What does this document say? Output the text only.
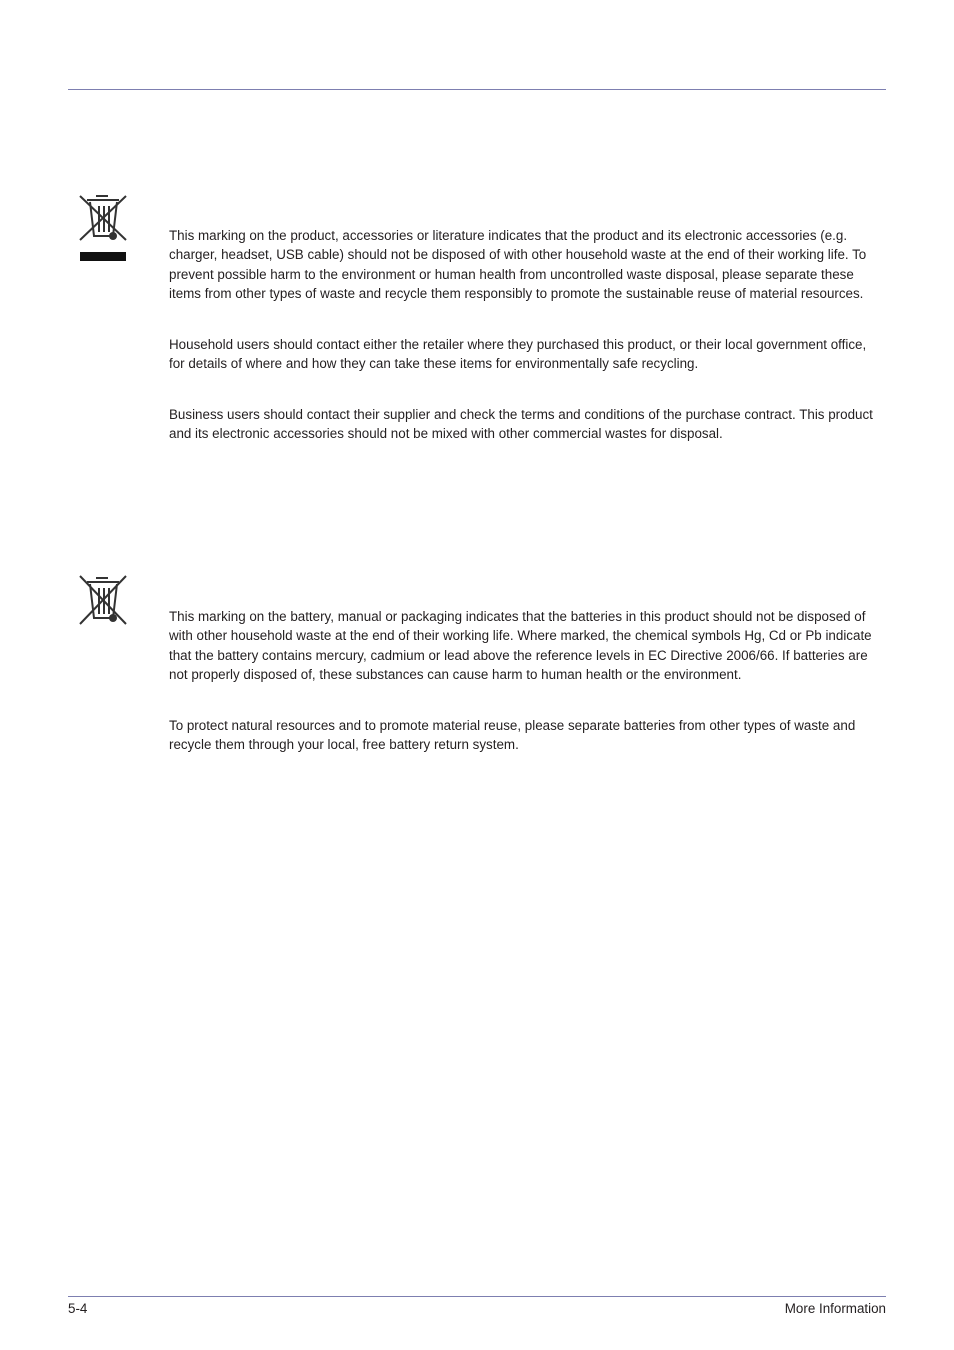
This marking on the product, accessories or literature indicates that the product and its electronic accessories (e.g. charger, headset, USB cable) should not be disposed of with other household waste at the end of their working life. To prevent possible harm to the environment or human health from uncontrolled waste disposal, please separate these items from other types of waste and recycle them responsibly to promote the sustainable reuse of material resources.

Household users should contact either the retailer where they purchased this product, or their local government office, for details of where and how they can take these items for environmentally safe recycling.

Business users should contact their supplier and check the terms and conditions of the purchase contract. This product and its electronic accessories should not be mixed with other commercial wastes for disposal.

This marking on the battery, manual or packaging indicates that the batteries in this product should not be disposed of with other household waste at the end of their working life. Where marked, the chemical symbols Hg, Cd or Pb indicate that the battery contains mercury, cadmium or lead above the reference levels in EC Directive 2006/66. If batteries are not properly disposed of, these substances can cause harm to human health or the environment.

To protect natural resources and to promote material reuse, please separate batteries from other types of waste and recycle them through your local, free battery return system.

5-4	More Information
